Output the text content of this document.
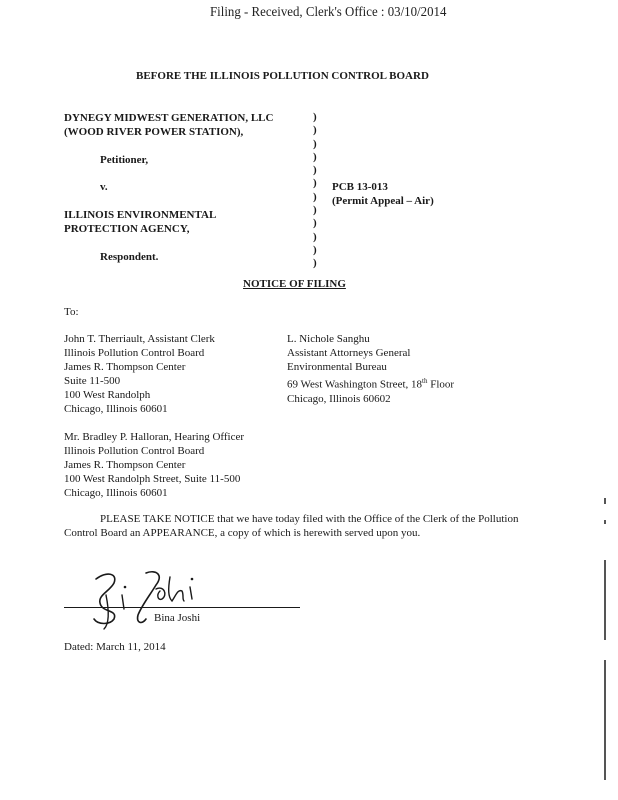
Filing - Received, Clerk's Office : 03/10/2014
BEFORE THE ILLINOIS POLLUTION CONTROL BOARD
DYNEGY MIDWEST GENERATION, LLC
(WOOD RIVER POWER STATION),
Petitioner,
v.
ILLINOIS ENVIRONMENTAL
PROTECTION AGENCY,
Respondent.
)
)
)
)
)
)
)
)
)
)
)
)
PCB 13-013
(Permit Appeal – Air)
NOTICE OF FILING
To:
John T. Therriault, Assistant Clerk
Illinois Pollution Control Board
James R. Thompson Center
Suite 11-500
100 West Randolph
Chicago, Illinois 60601
L. Nichole Sanghu
Assistant Attorneys General
Environmental Bureau
69 West Washington Street, 18th Floor
Chicago, Illinois 60602
Mr. Bradley P. Halloran, Hearing Officer
Illinois Pollution Control Board
James R. Thompson Center
100 West Randolph Street, Suite 11-500
Chicago, Illinois 60601
PLEASE TAKE NOTICE that we have today filed with the Office of the Clerk of the Pollution Control Board an APPEARANCE, a copy of which is herewith served upon you.
Bina Joshi
Dated: March 11, 2014
